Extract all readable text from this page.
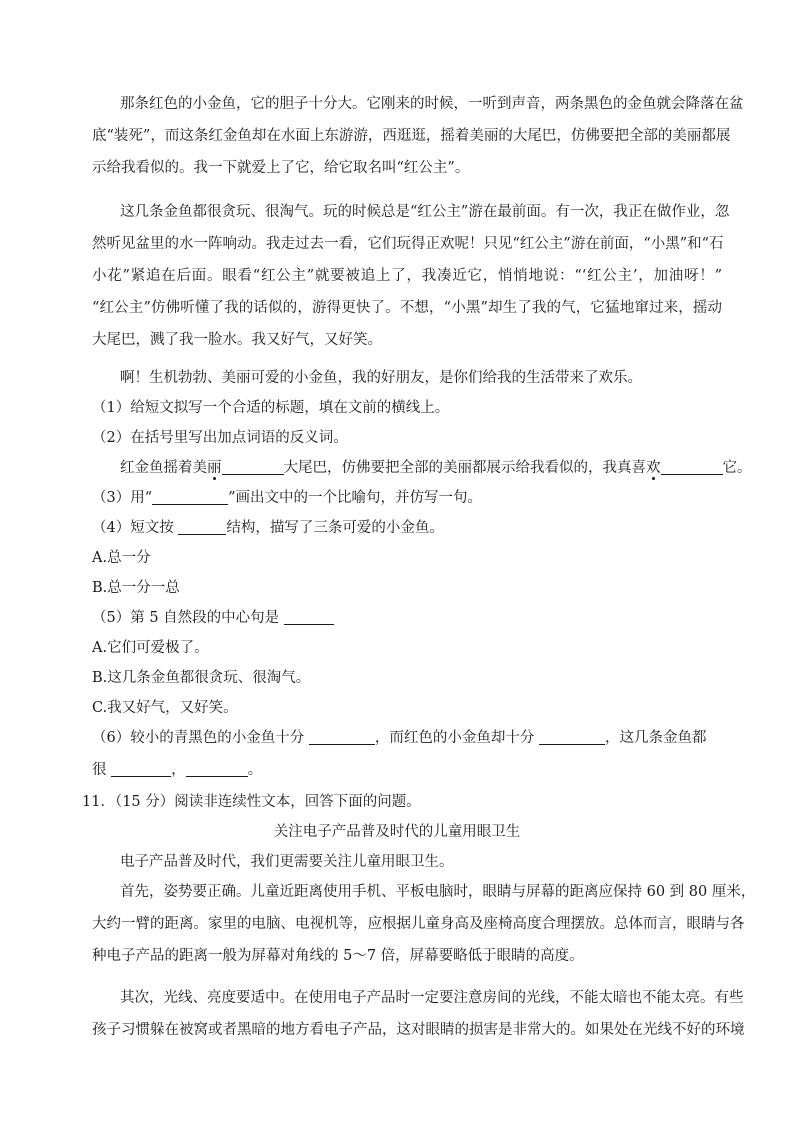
那条红色的小金鱼，它的胆子十分大。它刚来的时候，一听到声音，两条黑色的金鱼就会降落在盆
底“装死”，而这条红金鱼却在水面上东游游，西逛逛，摇着美丽的大尾巴，仿佛要把全部的美丽都展
示给我看似的。我一下就爱上了它，给它取名叫“红公主”。
这几条金鱼都很贪玩、很淘气。玩的时候总是“红公主”游在最前面。有一次，我正在做作业，忽
然听见盆里的水一阵响动。我走过去一看，它们玩得正欢呢！只见“红公主”游在前面，“小黑”和“石
小花”紧追在后面。眼看“红公主”就要被追上了，我凑近它，悄悄地说：“‘红公主’，加油呀！”
“红公主”仿佛听懂了我的话似的，游得更快了。不想，“小黑”却生了我的气，它猛地窜过来，摇动
大尾巴，溅了我一脸水。我又好气，又好笑。
啊！生机勃勃、美丽可爱的小金鱼，我的好朋友，是你们给我的生活带来了欢乐。
（1）给短文拟写一个合适的标题，填在文前的横线上。
（2）在括号里写出加点词语的反义词。
红金鱼摇着美丽	大尾巴，仿佛要把全部的美丽都展示给我看似的，我真喜欢	它。
（3）用“	”画出文中的一个比喻句，并仿写一句。
（4）短文按	结构，描写了三条可爱的小金鱼。
A.总一分
B.总一分一总
（5）第 5 自然段的中心句是
A.它们可爱极了。
B.这几条金鱼都很贪玩、很淘气。
C.我又好气，又好笑。
（6）较小的青黑色的小金鱼十分	，而红色的小金鱼却十分	，这几条金鱼都
很	，	。
11．（15 分）阅读非连续性文本，回答下面的问题。
关注电子产品普及时代的儿童用眼卫生
电子产品普及时代，我们更需要关注儿童用眼卫生。
首先，姿势要正确。儿童近距离使用手机、平板电脑时，眼睛与屏幕的距离应保持 60 到 80 厘米，
大约一臂的距离。家里的电脑、电视机等，应根据儿童身高及座椅高度合理摆放。总体而言，眼睛与各
种电子产品的距离一般为屏幕对角线的 5～7 倍，屏幕要略低于眼睛的高度。
其次，光线、亮度要适中。在使用电子产品时一定要注意房间的光线，不能太暗也不能太亮。有些
孩子习惯躲在被窝或者黑暗的地方看电子产品，这对眼睛的损害是非常大的。如果处在光线不好的环境
